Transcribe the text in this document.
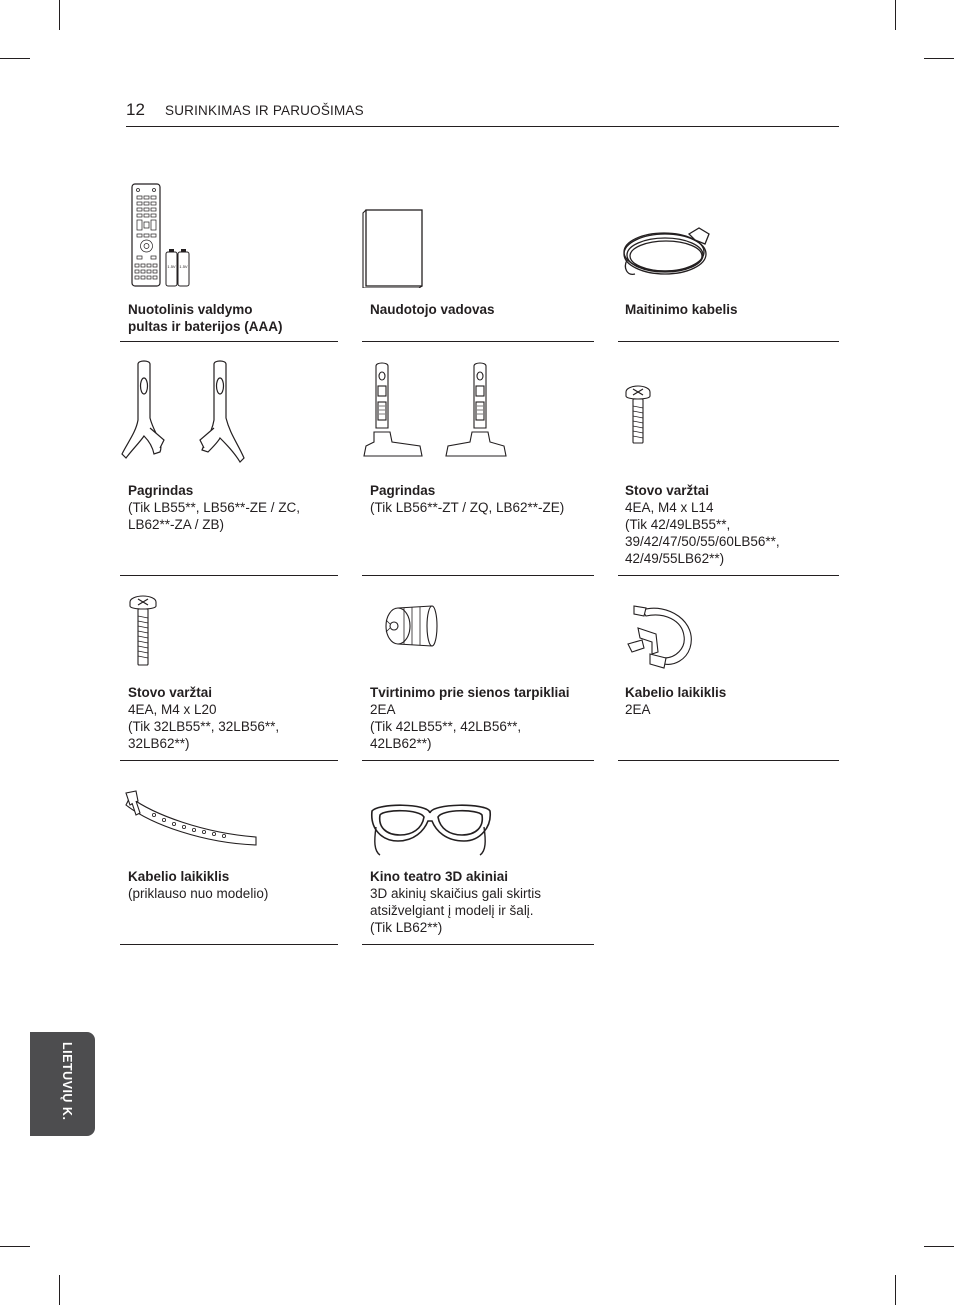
12 SURINKIMAS IR PARUOŠIMAS
1.5V 1.5V
Nuotolinis valdymo
pultas ir baterijos (AAA)
Naudotojo vadovas	Maitinimo kabelis
Pagrindas
(Tik LB55**, LB56**-ZE / ZC,
LB62**-ZA / ZB)
Pagrindas
(Tik LB56**-ZT / ZQ, LB62**-ZE)
Stovo varžtai
4EA, M4 x L14
(Tik 42/49LB55**,
39/42/47/50/55/60LB56**,
42/49/55LB62**)
Stovo varžtai
4EA, M4 x L20
(Tik 32LB55**, 32LB56**,
32LB62**)
Tvirtinimo prie sienos tarpikliai
2EA
(Tik 42LB55**, 42LB56**,
42LB62**)
Kabelio laikiklis
2EA
Kabelio laikiklis
(priklauso nuo modelio)
Kino teatro 3D akiniai
3D akinių skaičius gali skirtis
atsižvelgiant į modelį ir šalį.
(Tik LB62**)
LIETUVIŲ K.
